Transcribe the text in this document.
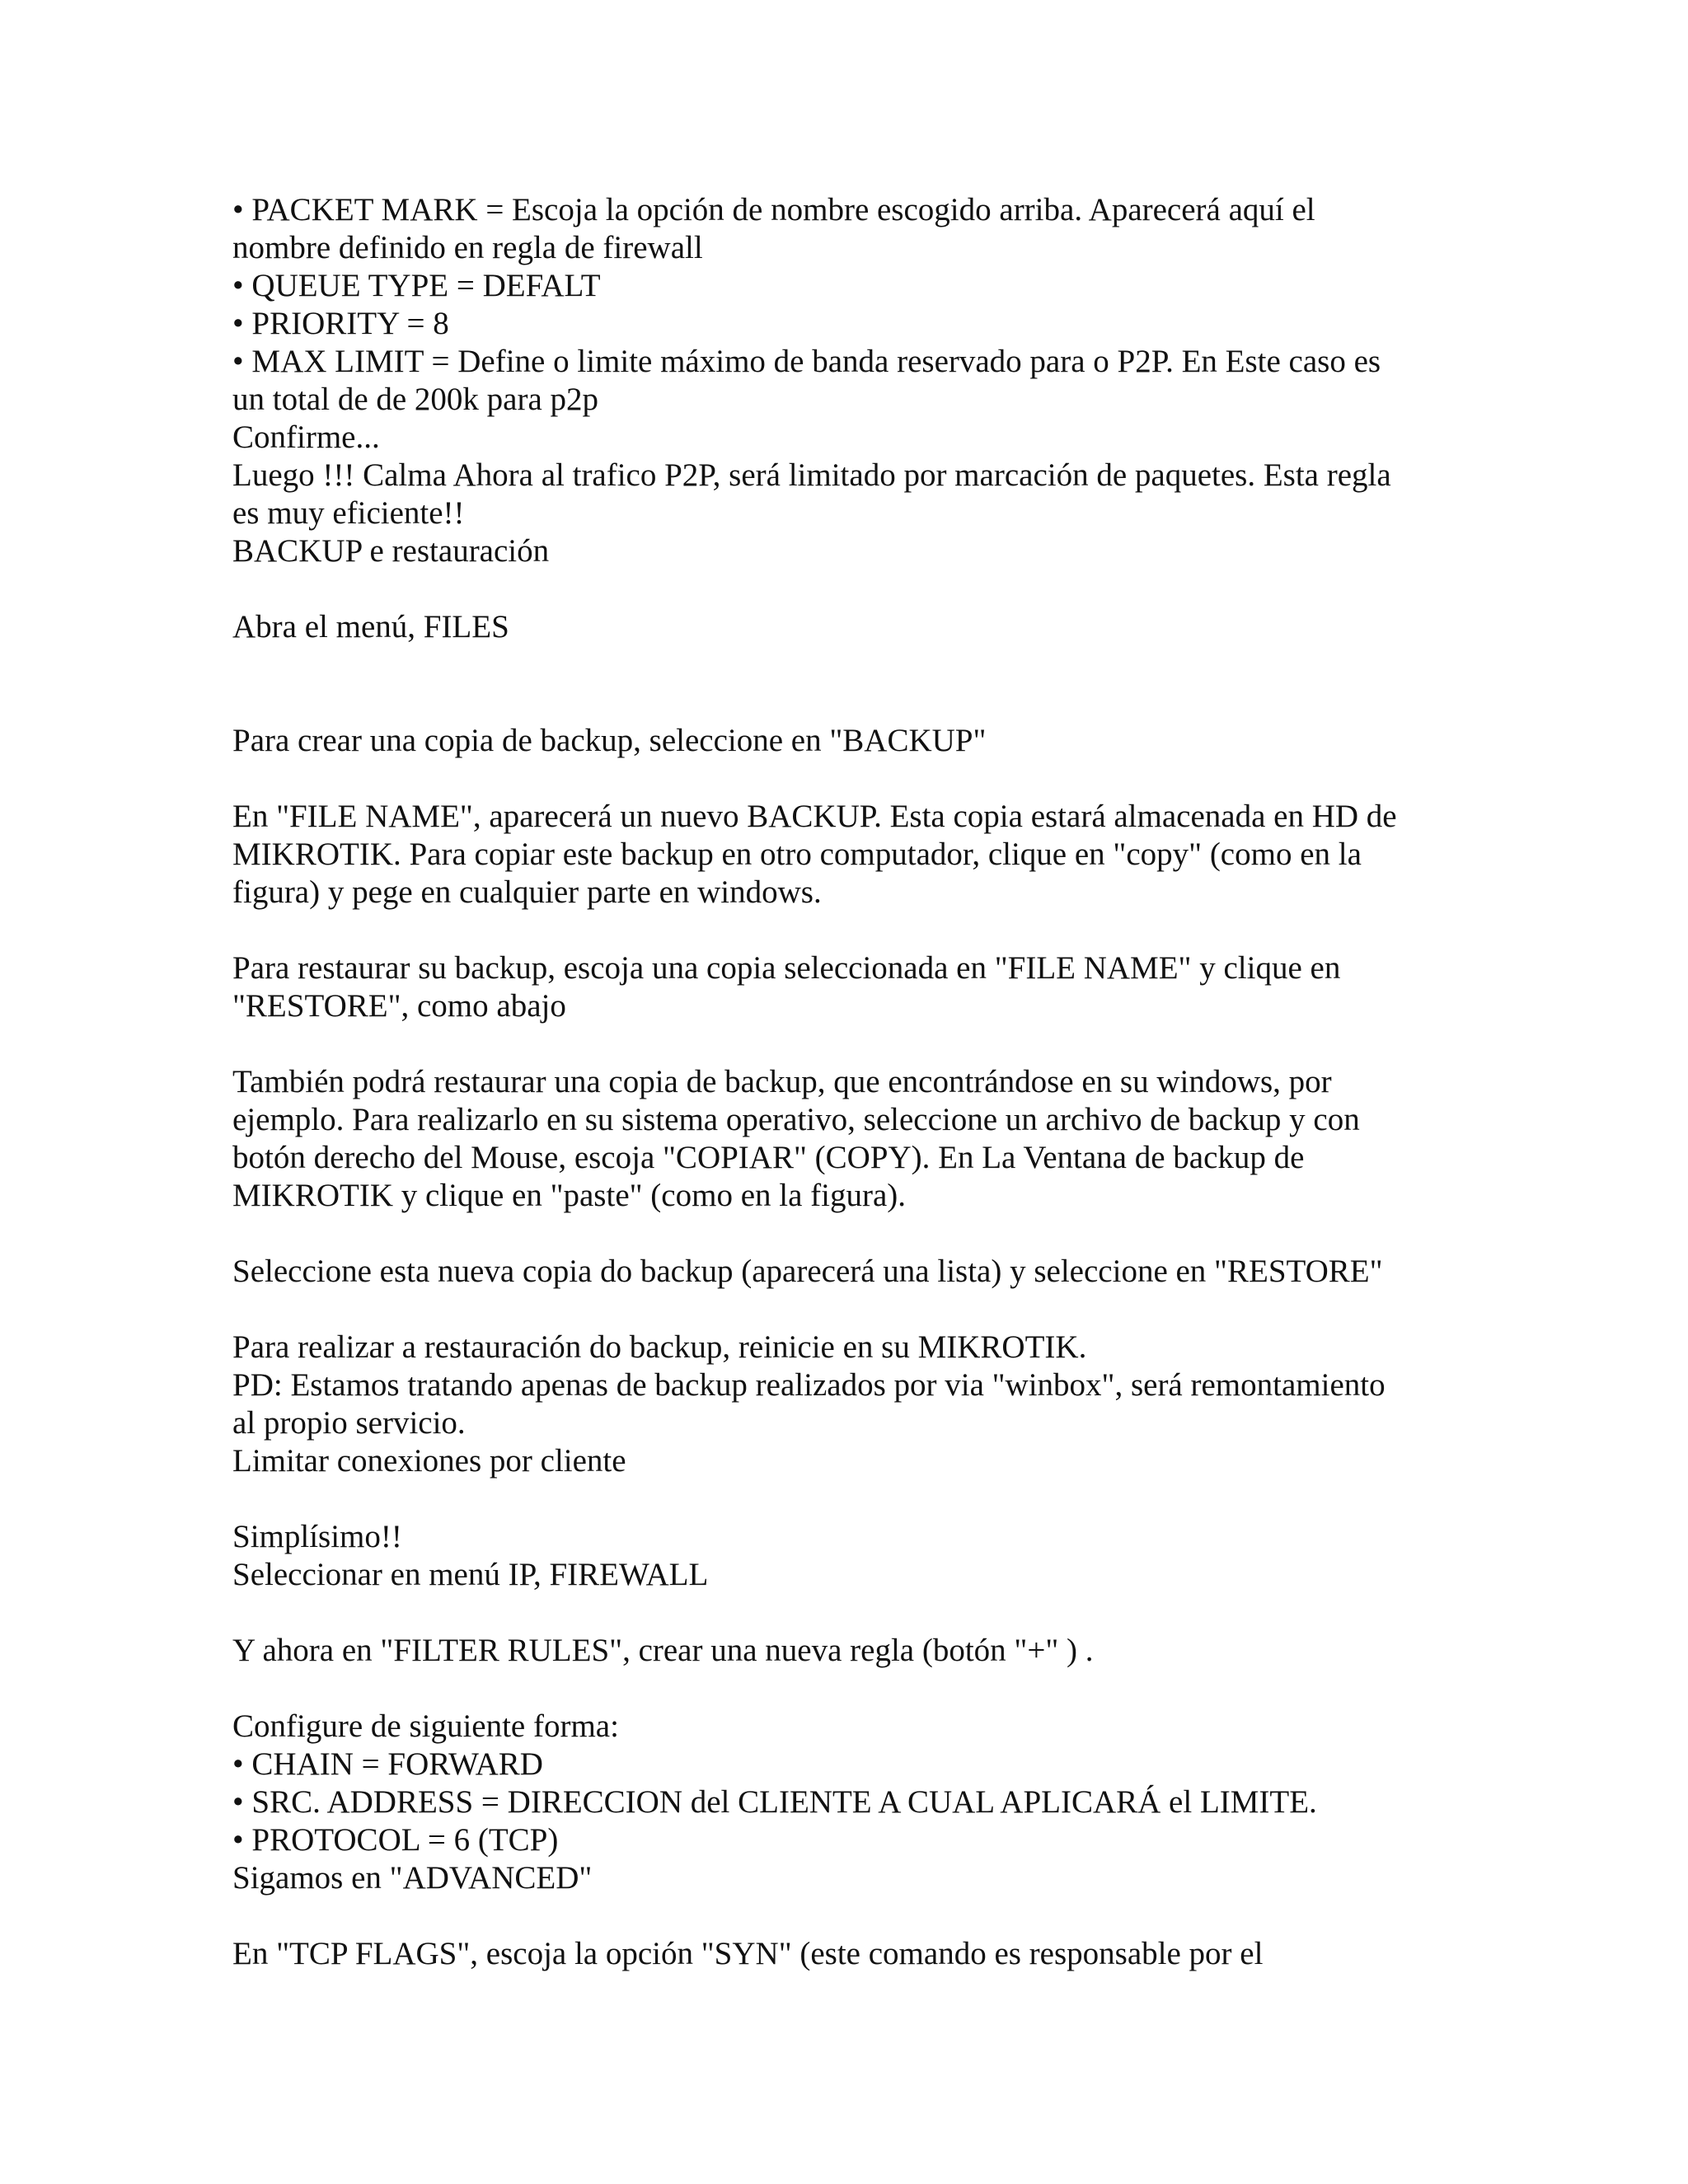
• PACKET MARK = Escoja la opción de nombre escogido arriba. Aparecerá aquí el
nombre definido en regla de firewall
• QUEUE TYPE = DEFALT
• PRIORITY = 8
• MAX LIMIT = Define o limite máximo de banda reservado para o P2P. En Este caso es
un total de de 200k para p2p
Confirme...
Luego !!! Calma Ahora al trafico P2P, será limitado por marcación de paquetes. Esta regla
es muy eficiente!!
BACKUP e restauración
Abra el menú, FILES
Para crear una copia de backup, seleccione en "BACKUP"
En "FILE NAME", aparecerá un nuevo BACKUP. Esta copia estará almacenada en HD de
MIKROTIK. Para copiar este backup en otro computador, clique en "copy" (como en la
figura) y pege en cualquier parte en windows.
Para restaurar su backup, escoja una copia seleccionada en "FILE NAME" y clique en
"RESTORE", como abajo
También podrá restaurar una copia de backup, que encontrándose en su windows, por
ejemplo. Para realizarlo en su sistema operativo, seleccione un archivo de backup y con
botón derecho del Mouse, escoja "COPIAR" (COPY). En La Ventana de backup de
MIKROTIK y clique en "paste" (como en la figura).
Seleccione esta nueva copia do backup (aparecerá una lista) y seleccione en "RESTORE"
Para realizar a restauración do backup, reinicie en su MIKROTIK.
PD: Estamos tratando apenas de backup realizados por via "winbox", será remontamiento
al propio servicio.
Limitar conexiones por cliente
Simplísimo!!
Seleccionar en menú IP, FIREWALL
Y ahora en "FILTER RULES", crear una nueva regla (botón "+" ) .
Configure de siguiente forma:
• CHAIN = FORWARD
• SRC. ADDRESS = DIRECCION del CLIENTE A CUAL APLICARÁ el LIMITE.
• PROTOCOL = 6 (TCP)
Sigamos en "ADVANCED"
En "TCP FLAGS", escoja la opción "SYN" (este comando es responsable por el
